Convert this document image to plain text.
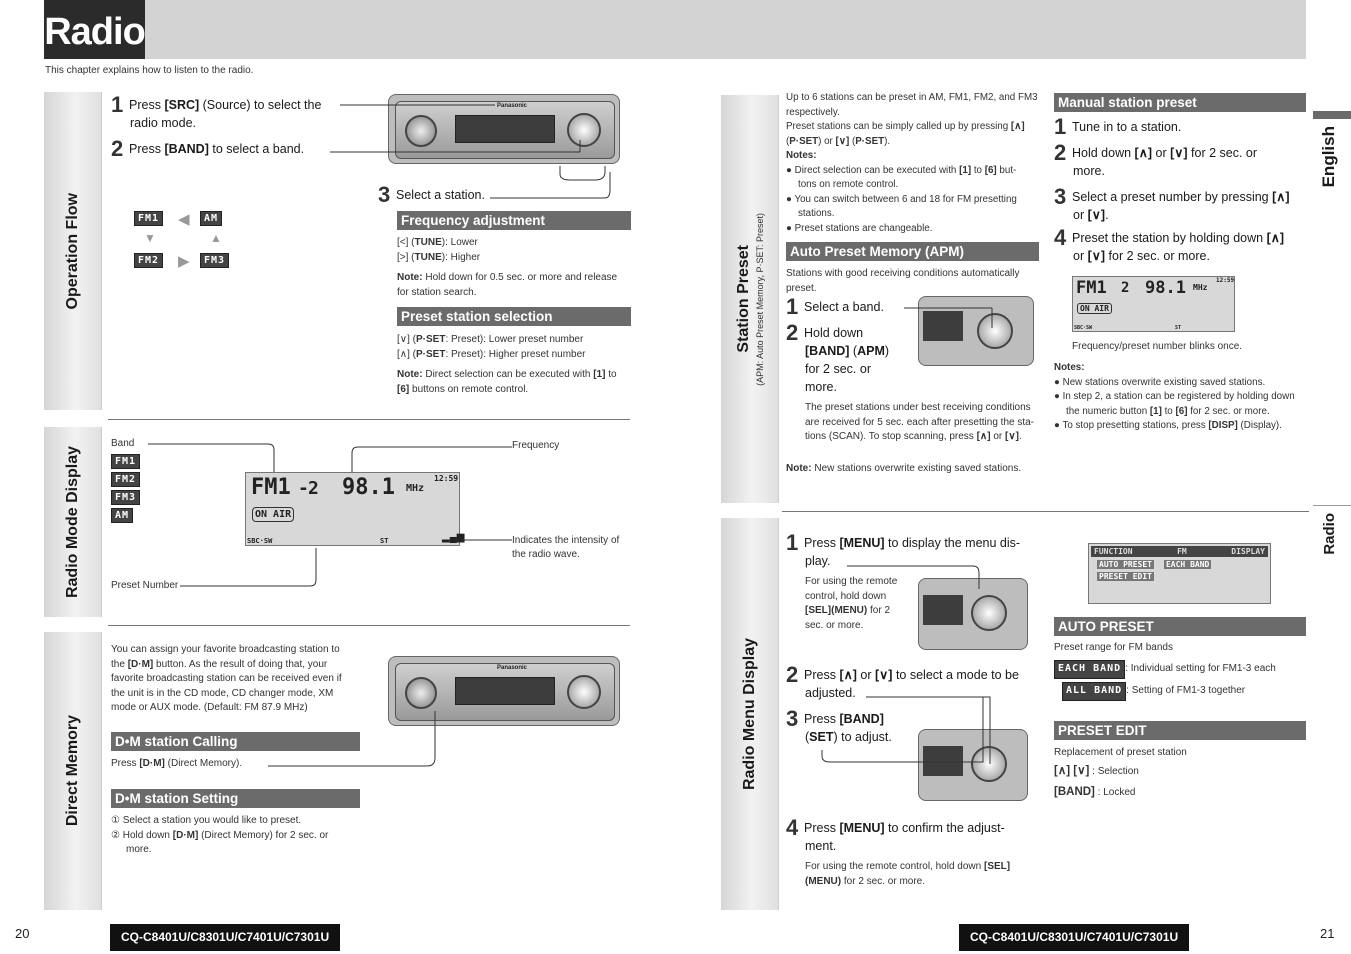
Radio
This chapter explains how to listen to the radio.
Operation Flow
Radio Mode Display
Direct Memory
1 Press [SRC] (Source) to select the
radio mode.
2 Press [BAND] to select a band.
3 Select a station.
Panasonic
FM1 ◀	AM
▼	▲
FM2 ▶	FM3
Frequency adjustment
[<] (TUNE): Lower
[>] (TUNE): Higher
Note: Hold down for 0.5 sec. or more and release
for station search.
Preset station selection
[∨] (P·SET: Preset): Lower preset number
[∧] (P·SET: Preset): Higher preset number
Note: Direct selection can be executed with [1] to
[6] buttons on remote control.
Band
FM1 FM2 FM3 AM
FM1 - 2 98.1 MHz
12:59
ON AIR
SBC·SW	ST	▂▄▆
Frequency
Indicates the intensity of
the radio wave.
Preset Number
You can assign your favorite broadcasting station to
the [D·M] button. As the result of doing that, your
favorite broadcasting station can be received even if
the unit is in the CD mode, CD changer mode, XM
mode or AUX mode. (Default: FM 87.9 MHz)
Panasonic
D•M station Calling
Press [D·M] (Direct Memory).
D•M station Setting
① Select a station you would like to preset.
② Hold down [D·M] (Direct Memory) for 2 sec. or
more.
20	CQ-C8401U/C8301U/C7401U/C7301U
Station Preset (APM: Auto Preset Memory, P·SET: Preset)
Radio Menu Display
English
Radio
Up to 6 stations can be preset in AM, FM1, FM2, and FM3
respectively.
Preset stations can be simply called up by pressing [∧]
(P·SET) or [∨] (P·SET).
Notes:
● Direct selection can be executed with [1] to [6] but-
tons on remote control.
● You can switch between 6 and 18 for FM presetting
stations.
● Preset stations are changeable.
Auto Preset Memory (APM)
Stations with good receiving conditions automatically
preset.
1 Select a band.
2 Hold down
[BAND] (APM)
for 2 sec. or
more.
The preset stations under best receiving conditions
are received for 5 sec. each after presetting the sta-
tions (SCAN). To stop scanning, press [∧] or [∨].
Note: New stations overwrite existing saved stations.
Manual station preset
1 Tune in to a station.
2 Hold down [∧] or [∨] for 2 sec. or
more.
3 Select a preset number by pressing [∧]
or [∨].
4 Preset the station by holding down [∧]
or [∨] for 2 sec. or more.
FM1 2 98.1 MHz
12:59
ON AIR
SBC·SW	ST
Frequency/preset number blinks once.
Notes:
● New stations overwrite existing saved stations.
● In step 2, a station can be registered by holding down
the numeric button [1] to [6] for 2 sec. or more.
● To stop presetting stations, press [DISP] (Display).
1 Press [MENU] to display the menu dis-
play.
For using the remote
control, hold down
[SEL](MENU) for 2
sec. or more.
2 Press [∧] or [∨] to select a mode to be
adjusted.
3 Press [BAND]
(SET) to adjust.
4 Press [MENU] to confirm the adjust-
ment.
For using the remote control, hold down [SEL]
(MENU) for 2 sec. or more.
FUNCTION	FM	DISPLAY
AUTO PRESET EACH BAND
PRESET EDIT
AUTO PRESET
Preset range for FM bands
EACH BAND : Individual setting for FM1-3 each
ALL BAND : Setting of FM1-3 together
PRESET EDIT
Replacement of preset station
[∧] [∨] : Selection
[BAND] : Locked
CQ-C8401U/C8301U/C7401U/C7301U	21
